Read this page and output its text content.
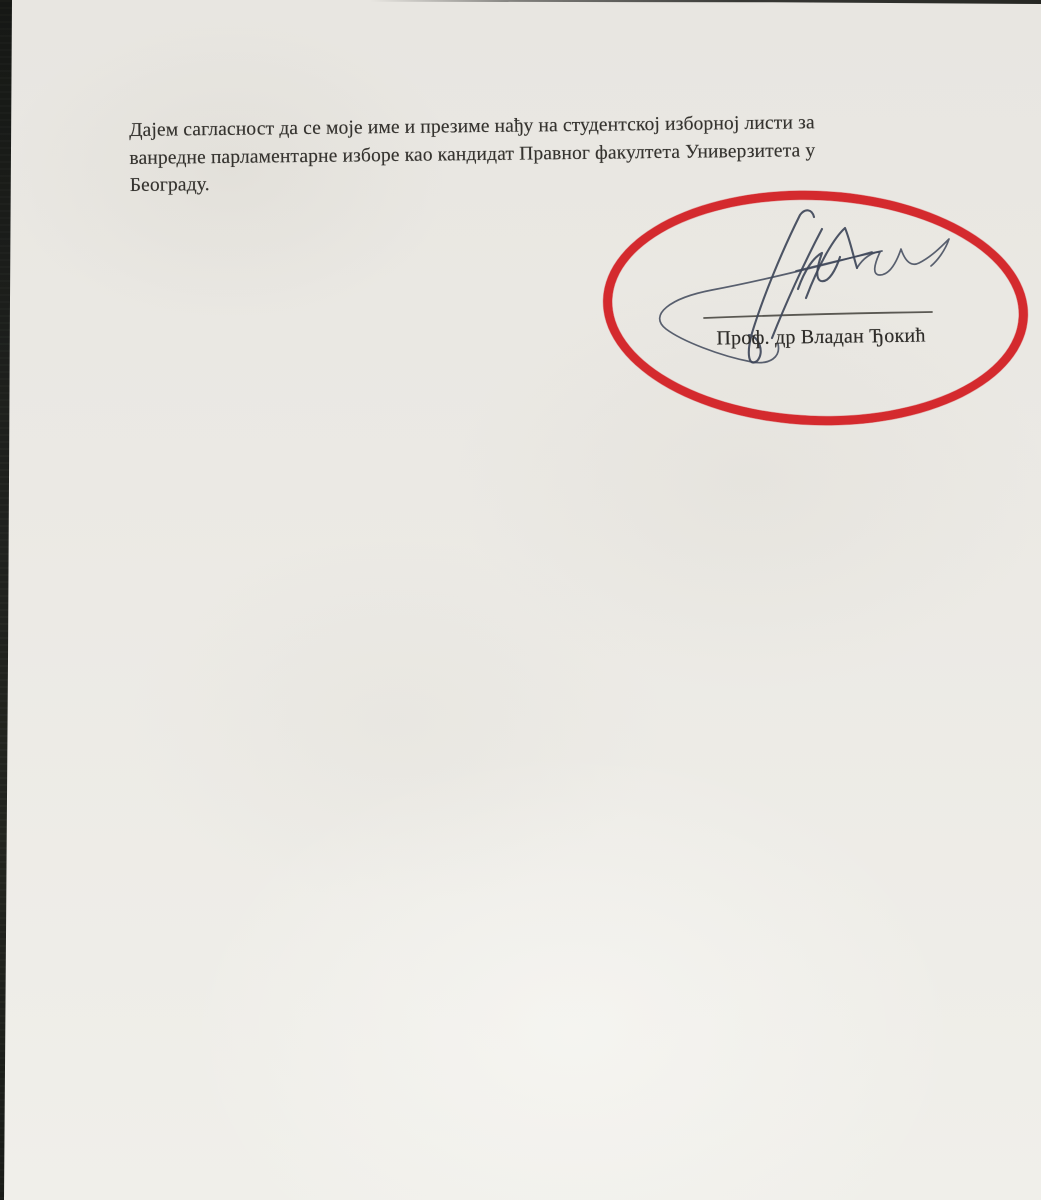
Дајем сагласност да се моје име и презиме нађу на студентској изборној листи за
ванредне парламентарне изборе као кандидат Правног факултета Универзитета у
Београду.
Проф. др Владан Ђокић
